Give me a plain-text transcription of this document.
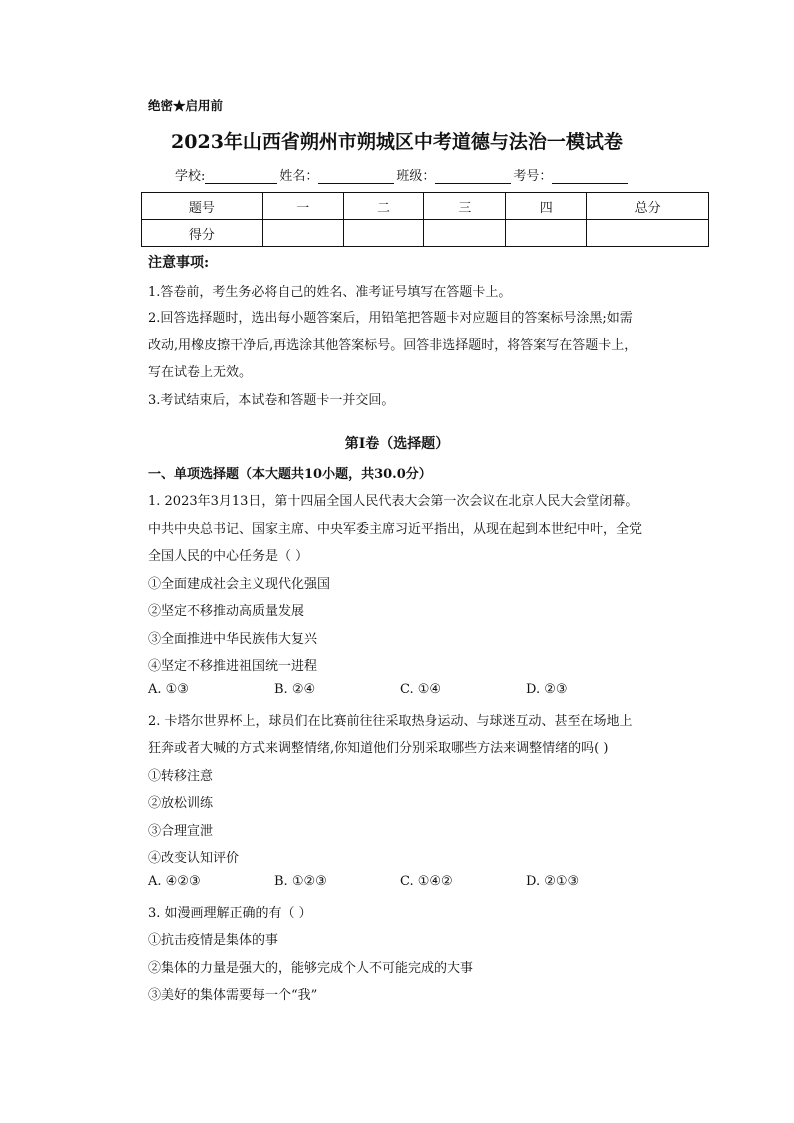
绝密★启用前
2023年山西省朔州市朔城区中考道德与法治一模试卷
学校:	姓名：	班级：	考号：
题号	一	二	三	四	总分
得分					
注意事项:
1.答卷前，考生务必将自己的姓名、准考证号填写在答题卡上。
2.回答选择题时，选出每小题答案后，用铅笔把答题卡对应题目的答案标号涂黑;如需
改动,用橡皮擦干净后,再选涂其他答案标号。回答非选择题时，将答案写在答题卡上，
写在试卷上无效。
3.考试结束后，本试卷和答题卡一并交回。
第I卷（选择题）
一、单项选择题（本大题共10小题，共30.0分）
1. 2023年3月13日，第十四届全国人民代表大会第一次会议在北京人民大会堂闭幕。
中共中央总书记、国家主席、中央军委主席习近平指出，从现在起到本世纪中叶，全党
全国人民的中心任务是（ ）
①全面建成社会主义现代化强国
②坚定不移推动高质量发展
③全面推进中华民族伟大复兴
④坚定不移推进祖国统一进程
A. ①③	B. ②④	C. ①④	D. ②③
2. 卡塔尔世界杯上，球员们在比赛前往往采取热身运动、与球迷互动、甚至在场地上
狂奔或者大喊的方式来调整情绪,你知道他们分别采取哪些方法来调整情绪的吗( )
①转移注意
②放松训练
③合理宣泄
④改变认知评价
A. ④②③	B. ①②③	C. ①④②	D. ②①③
3. 如漫画理解正确的有（ ）
①抗击疫情是集体的事
②集体的力量是强大的，能够完成个人不可能完成的大事
③美好的集体需要每一个“我”
